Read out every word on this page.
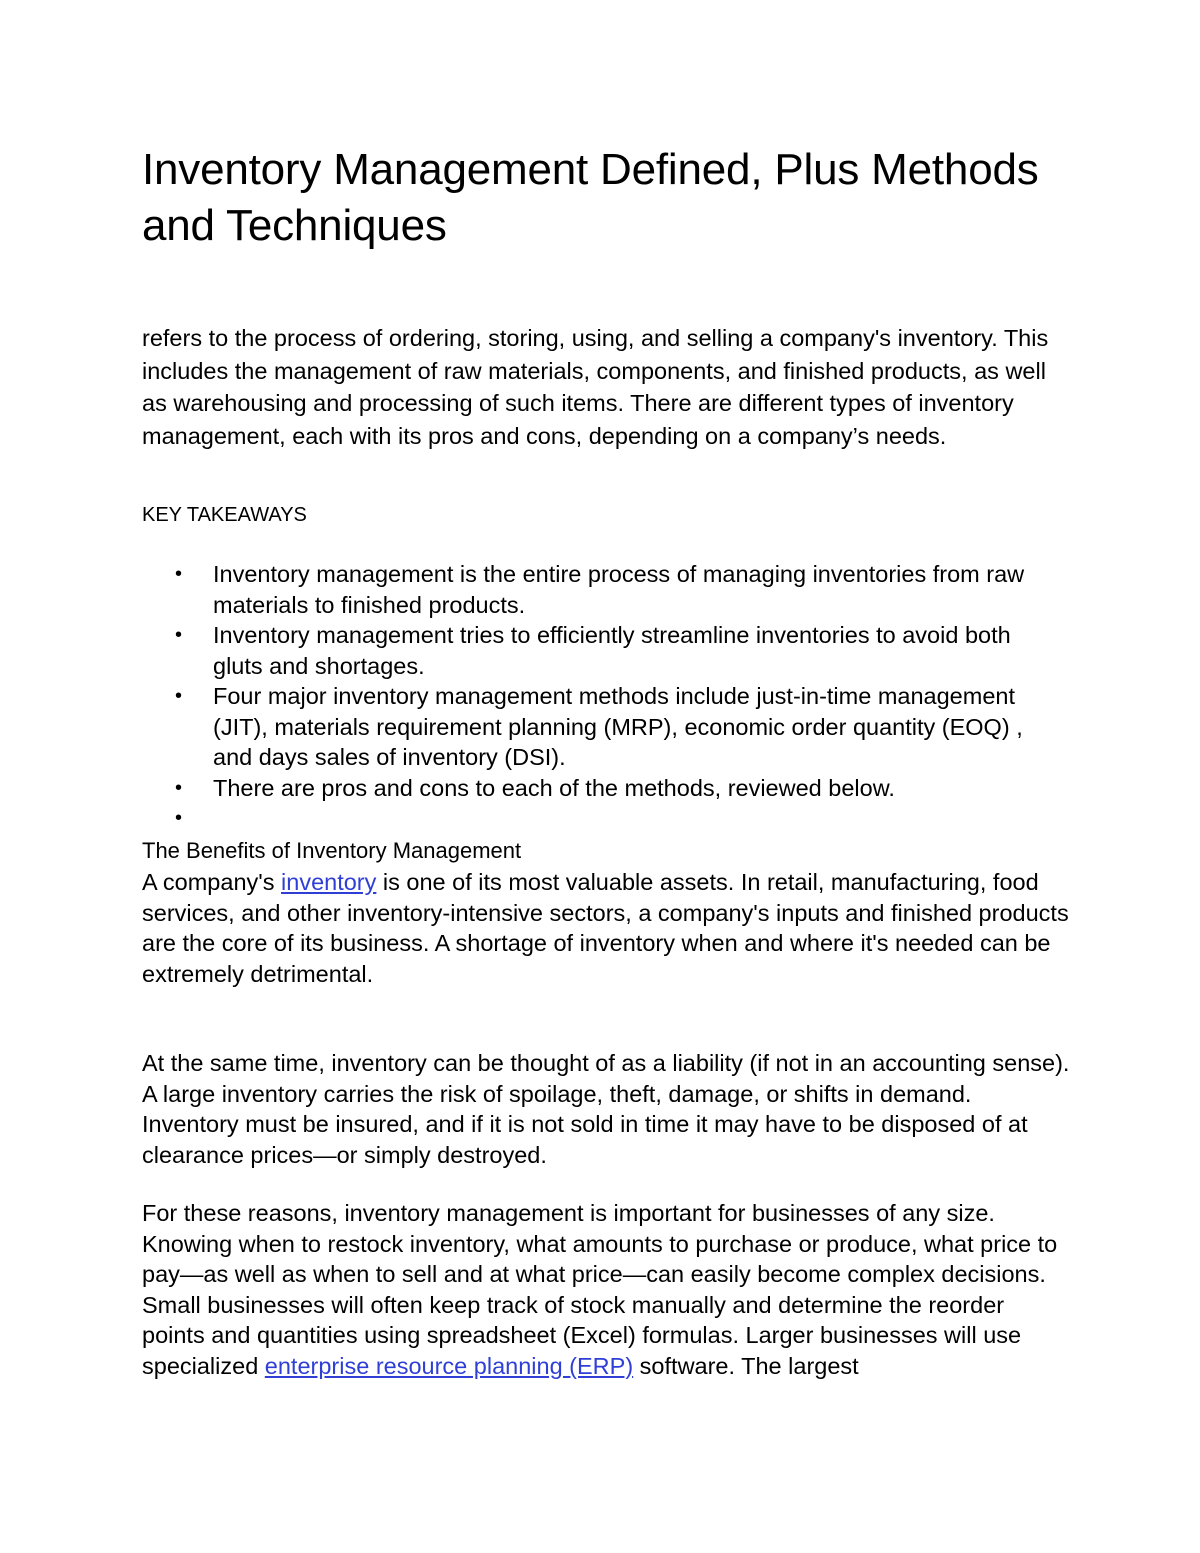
Inventory Management Defined, Plus Methods and Techniques

refers to the process of ordering, storing, using, and selling a company's inventory. This includes the management of raw materials, components, and finished products, as well as warehousing and processing of such items. There are different types of inventory management, each with its pros and cons, depending on a company’s needs.

KEY TAKEAWAYS

• Inventory management is the entire process of managing inventories from raw materials to finished products.
• Inventory management tries to efficiently streamline inventories to avoid both gluts and shortages.
• Four major inventory management methods include just-in-time management (JIT), materials requirement planning (MRP), economic order quantity (EOQ) , and days sales of inventory (DSI).
• There are pros and cons to each of the methods, reviewed below.
•
The Benefits of Inventory Management

A company's inventory is one of its most valuable assets. In retail, manufacturing, food services, and other inventory-intensive sectors, a company's inputs and finished products are the core of its business. A shortage of inventory when and where it's needed can be extremely detrimental.

At the same time, inventory can be thought of as a liability (if not in an accounting sense). A large inventory carries the risk of spoilage, theft, damage, or shifts in demand. Inventory must be insured, and if it is not sold in time it may have to be disposed of at clearance prices—or simply destroyed.

For these reasons, inventory management is important for businesses of any size. Knowing when to restock inventory, what amounts to purchase or produce, what price to pay—as well as when to sell and at what price—can easily become complex decisions. Small businesses will often keep track of stock manually and determine the reorder points and quantities using spreadsheet (Excel) formulas. Larger businesses will use specialized enterprise resource planning (ERP) software. The largest
